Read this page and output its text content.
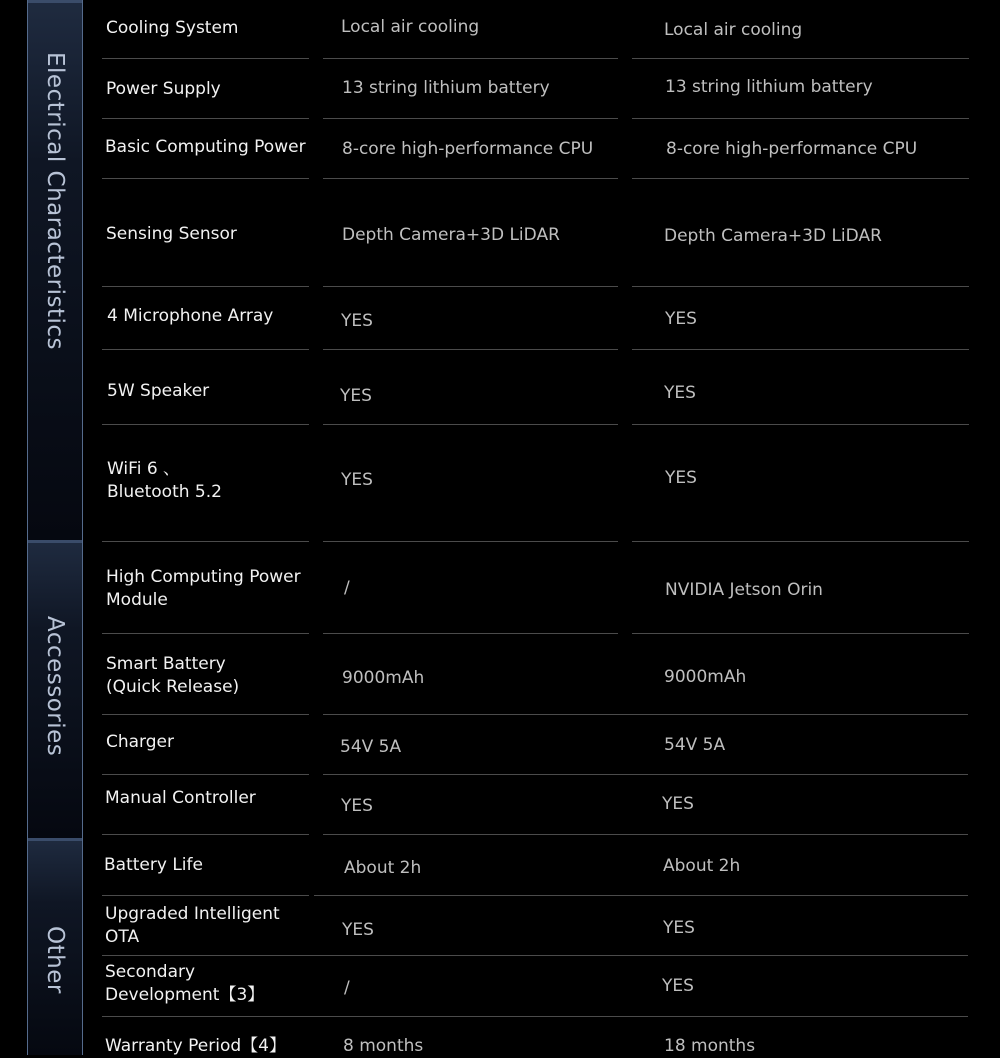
Electrical Characteristics
Accessories
Other
Cooling System	Local air cooling	Local air cooling
Power Supply	13 string lithium battery	13 string lithium battery
Basic Computing Power 8-core high-performance CPU	8-core high-performance CPU
Sensing Sensor	Depth Camera+3D LiDAR	Depth Camera+3D LiDAR
4 Microphone Array	YES	YES
5W Speaker	YES	YES
WiFi 6 、
Bluetooth 5.2
YES	YES
High Computing Power
Module
/	NVIDIA Jetson Orin
Smart Battery
(Quick Release)	9000mAh	9000mAh
Charger	54V 5A	54V 5A
Manual Controller	YES	YES
Battery Life	About 2h	About 2h
Upgraded Intelligent
OTA	YES	YES
Secondary
Development【3】	/	YES
Warranty Period【4】	8 months	18 months
